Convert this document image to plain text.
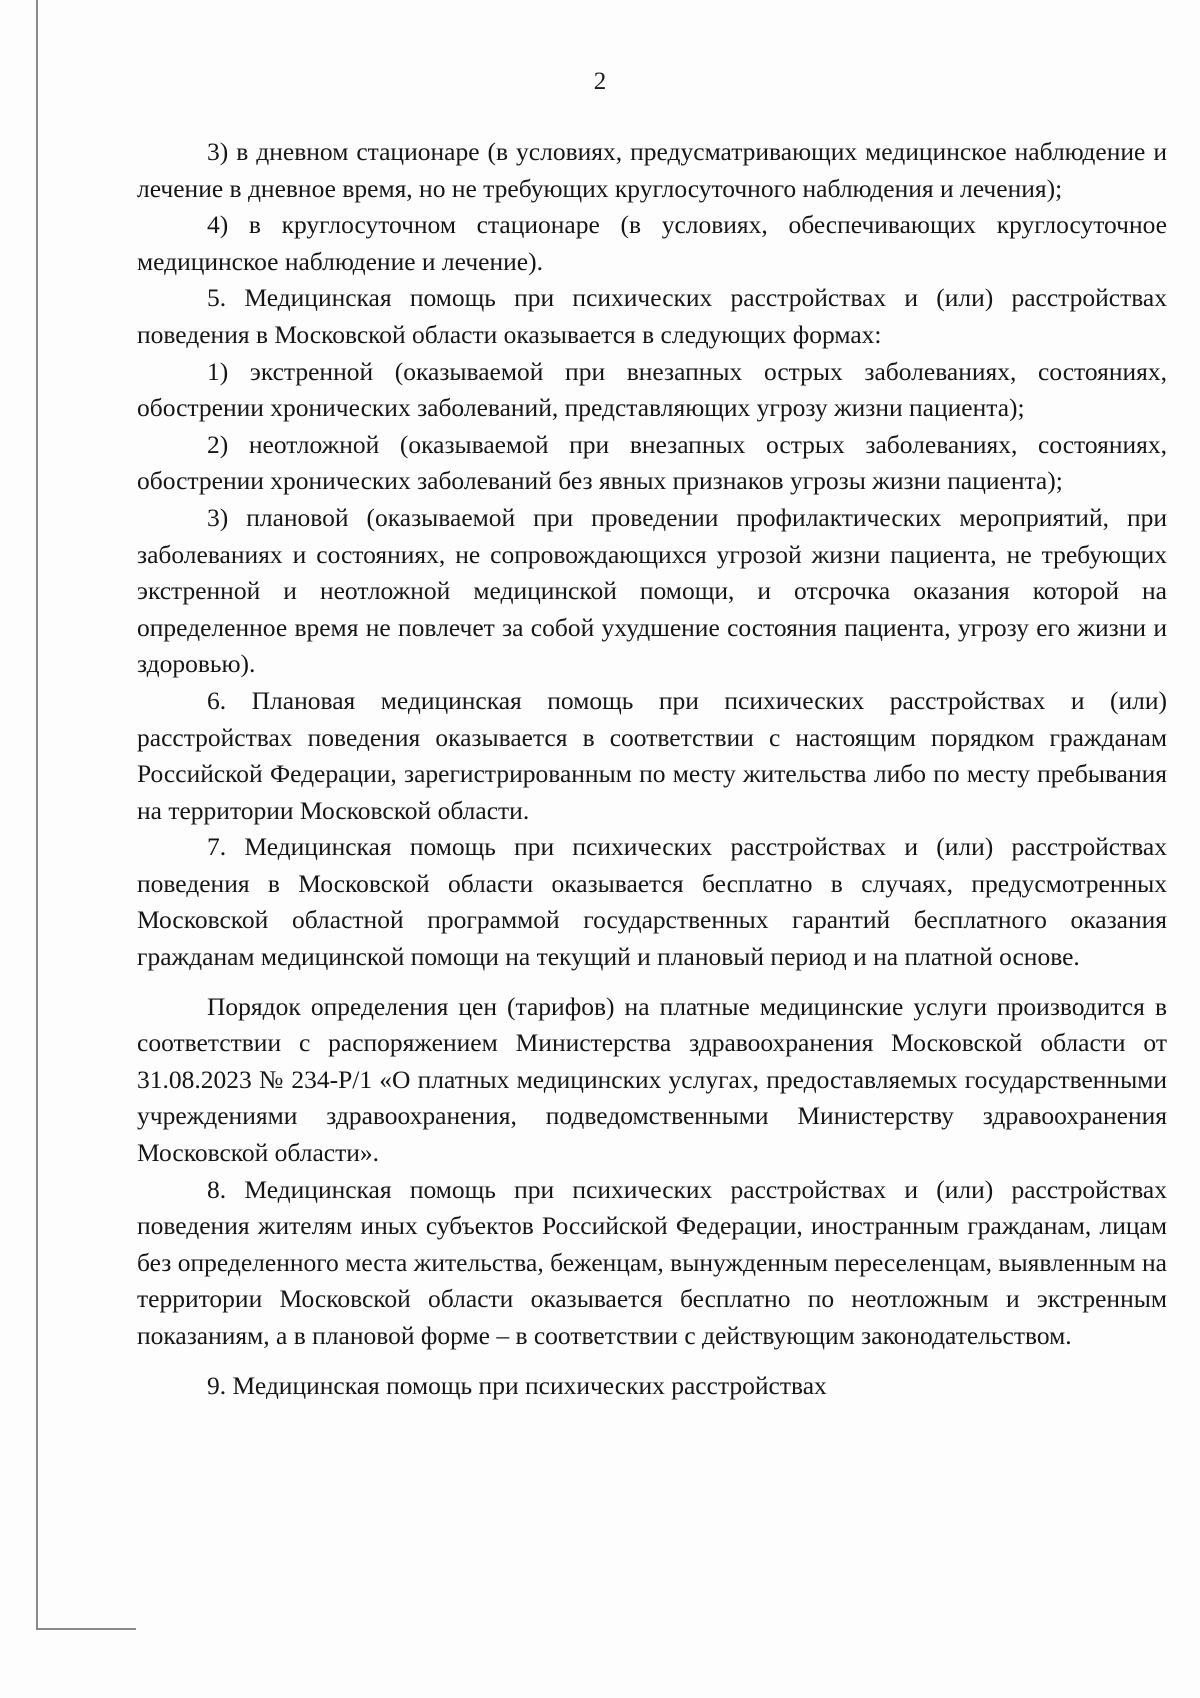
2

3) в дневном стационаре (в условиях, предусматривающих медицинское наблюдение и лечение в дневное время, но не требующих круглосуточного наблюдения и лечения);

4) в круглосуточном стационаре (в условиях, обеспечивающих круглосуточное медицинское наблюдение и лечение).

5. Медицинская помощь при психических расстройствах и (или) расстройствах поведения в Московской области оказывается в следующих формах:

1) экстренной (оказываемой при внезапных острых заболеваниях, состояниях, обострении хронических заболеваний, представляющих угрозу жизни пациента);

2) неотложной (оказываемой при внезапных острых заболеваниях, состояниях, обострении хронических заболеваний без явных признаков угрозы жизни пациента);

3) плановой (оказываемой при проведении профилактических мероприятий, при заболеваниях и состояниях, не сопровождающихся угрозой жизни пациента, не требующих экстренной и неотложной медицинской помощи, и отсрочка оказания которой на определенное время не повлечет за собой ухудшение состояния пациента, угрозу его жизни и здоровью).

6. Плановая медицинская помощь при психических расстройствах и (или) расстройствах поведения оказывается в соответствии с настоящим порядком гражданам Российской Федерации, зарегистрированным по месту жительства либо по месту пребывания на территории Московской области.

7. Медицинская помощь при психических расстройствах и (или) расстройствах поведения в Московской области оказывается бесплатно в случаях, предусмотренных Московской областной программой государственных гарантий бесплатного оказания гражданам медицинской помощи на текущий и плановый период и на платной основе.

Порядок определения цен (тарифов) на платные медицинские услуги производится в соответствии с распоряжением Министерства здравоохранения Московской области от 31.08.2023 № 234-Р/1 «О платных медицинских услугах, предоставляемых государственными учреждениями здравоохранения, подведомственными Министерству здравоохранения Московской области».

8. Медицинская помощь при психических расстройствах и (или) расстройствах поведения жителям иных субъектов Российской Федерации, иностранным гражданам, лицам без определенного места жительства, беженцам, вынужденным переселенцам, выявленным на территории Московской области оказывается бесплатно по неотложным и экстренным показаниям, а в плановой форме – в соответствии с действующим законодательством.

9. Медицинская помощь при психических расстройствах
